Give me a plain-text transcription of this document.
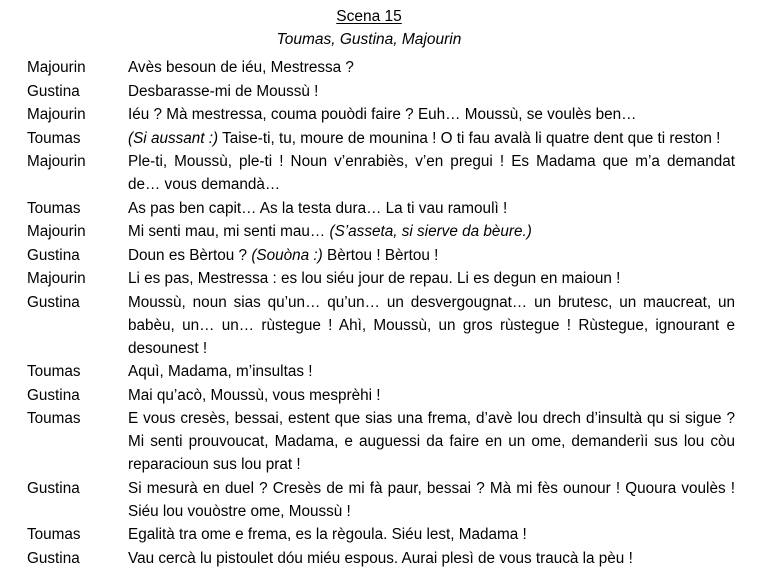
Scena 15
Toumas, Gustina, Majourin
Majourin	Avès besoun de iéu, Mestressa ?
Gustina	Desbarasse-mi de Moussù !
Majourin	Iéu ? Mà mestressa, couma pouòdi faire ? Euh… Moussù, se voulès ben…
Toumas	(Si aussant :) Taise-ti, tu, moure de mounina ! O ti fau avalà li quatre dent que ti reston !
Majourin	Ple-ti, Moussù, ple-ti ! Noun v’enrabiès, v’en pregui ! Es Madama que m’a demandat de… vous demandà…
Toumas	As pas ben capit… As la testa dura… La ti vau ramoulì !
Majourin	Mi senti mau, mi senti mau… (S’asseta, si sierve da bèure.)
Gustina	Doun es Bèrtou ? (Souòna :) Bèrtou ! Bèrtou !
Majourin	Li es pas, Mestressa : es lou siéu jour de repau. Li es degun en maioun !
Gustina	Moussù, noun sias qu’un… qu’un… un desvergougnat… un brutesc, un maucreat, un babèu, un… un… rùstegue ! Ahì, Moussù, un gros rùstegue ! Rùstegue, ignourant e desounest !
Toumas	Aquì, Madama, m’insultas !
Gustina	Mai qu’acò, Moussù, vous mesprèhi !
Toumas	E vous cresès, bessai, estent que sias una frema, d’avè lou drech d’insultà qu si sigue ? Mi senti prouvoucat, Madama, e auguessi da faire en un ome, demanderìi sus lou còu reparacioun sus lou prat !
Gustina	Si mesurà en duel ? Cresès de mi fà paur, bessai ? Mà mi fès ounour ! Quoura voulès ! Siéu lou vouòstre ome, Moussù !
Toumas	Egalità tra ome e frema, es la règoula. Siéu lest, Madama !
Gustina	Vau cercà lu pistoulet dóu miéu espous. Aurai plesì de vous traucà la pèu !
